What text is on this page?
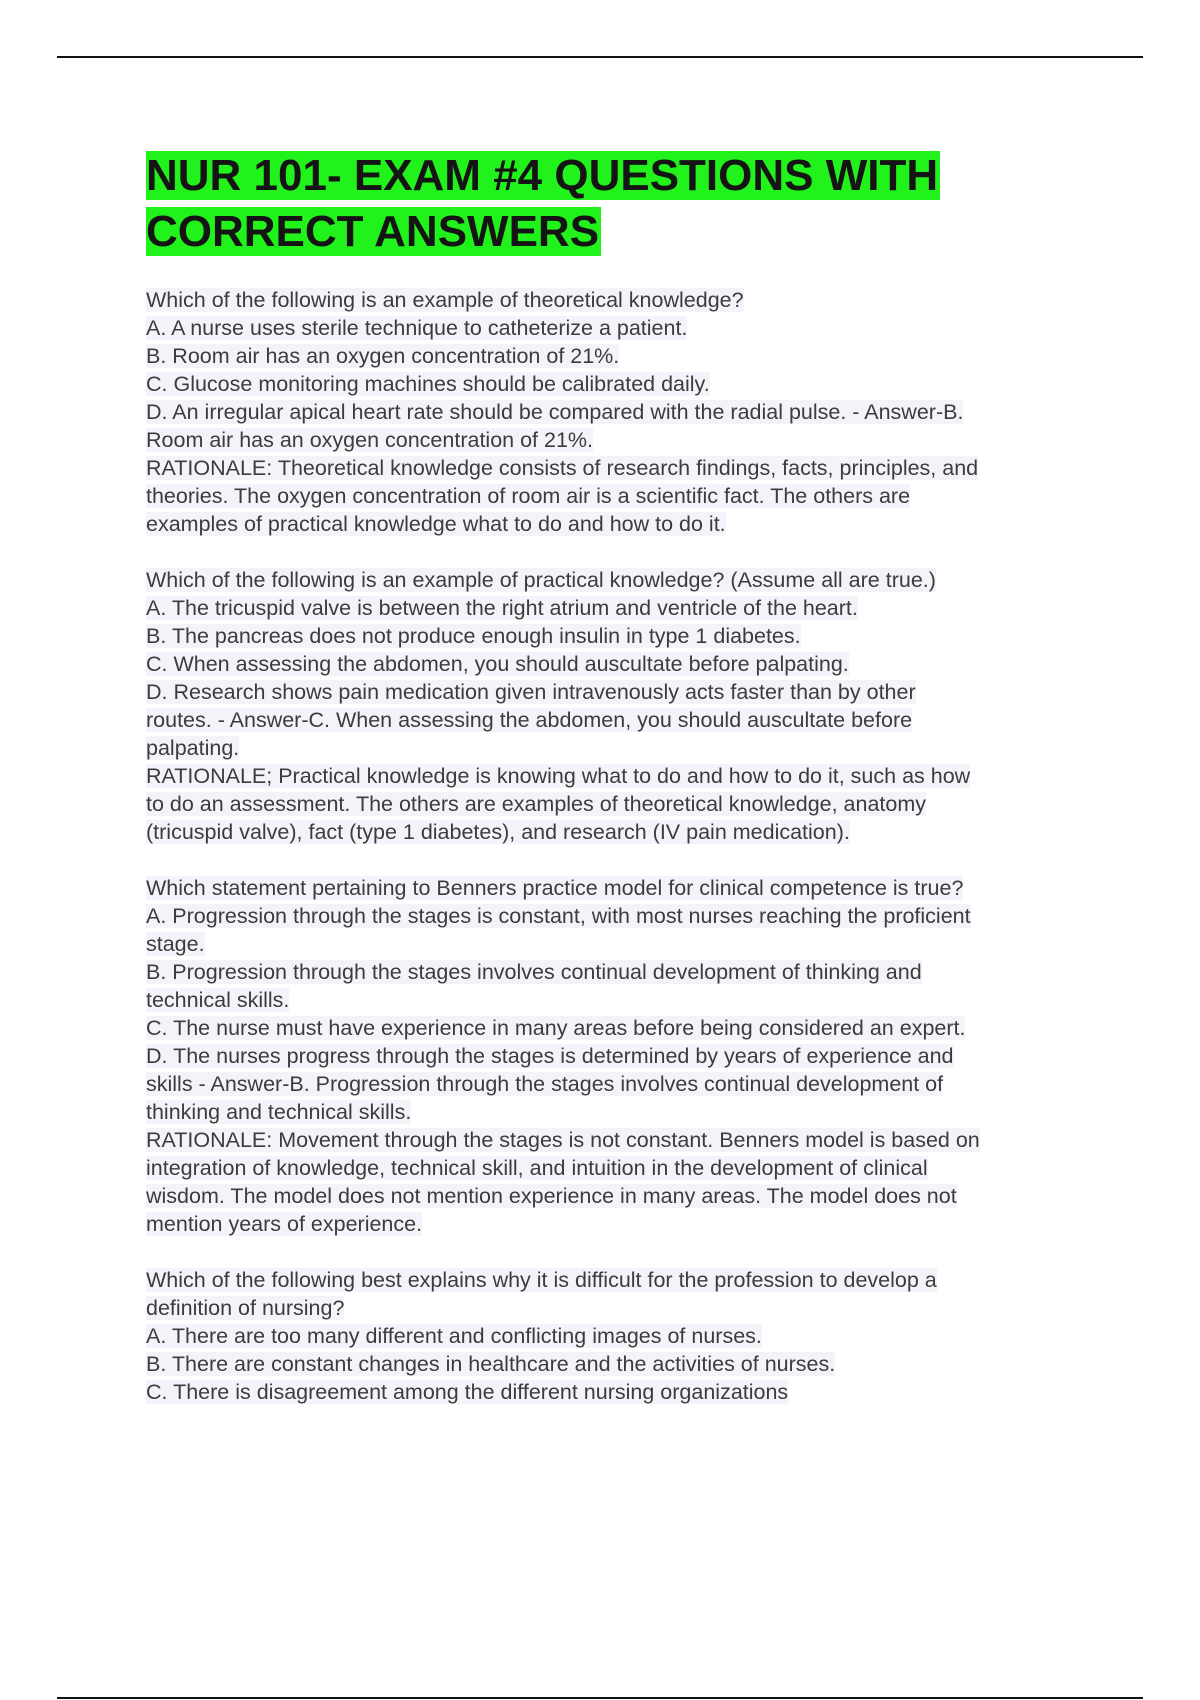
NUR 101- EXAM #4 QUESTIONS WITH
CORRECT ANSWERS
Which of the following is an example of theoretical knowledge?
A. A nurse uses sterile technique to catheterize a patient.
B. Room air has an oxygen concentration of 21%.
C. Glucose monitoring machines should be calibrated daily.
D. An irregular apical heart rate should be compared with the radial pulse. - Answer-B.
Room air has an oxygen concentration of 21%.
RATIONALE: Theoretical knowledge consists of research findings, facts, principles, and
theories. The oxygen concentration of room air is a scientific fact. The others are
examples of practical knowledge what to do and how to do it.
Which of the following is an example of practical knowledge? (Assume all are true.)
A. The tricuspid valve is between the right atrium and ventricle of the heart.
B. The pancreas does not produce enough insulin in type 1 diabetes.
C. When assessing the abdomen, you should auscultate before palpating.
D. Research shows pain medication given intravenously acts faster than by other
routes. - Answer-C. When assessing the abdomen, you should auscultate before
palpating.
RATIONALE; Practical knowledge is knowing what to do and how to do it, such as how
to do an assessment. The others are examples of theoretical knowledge, anatomy
(tricuspid valve), fact (type 1 diabetes), and research (IV pain medication).
Which statement pertaining to Benners practice model for clinical competence is true?
A. Progression through the stages is constant, with most nurses reaching the proficient
stage.
B. Progression through the stages involves continual development of thinking and
technical skills.
C. The nurse must have experience in many areas before being considered an expert.
D. The nurses progress through the stages is determined by years of experience and
skills - Answer-B. Progression through the stages involves continual development of
thinking and technical skills.
RATIONALE: Movement through the stages is not constant. Benners model is based on
integration of knowledge, technical skill, and intuition in the development of clinical
wisdom. The model does not mention experience in many areas. The model does not
mention years of experience.
Which of the following best explains why it is difficult for the profession to develop a
definition of nursing?
A. There are too many different and conflicting images of nurses.
B. There are constant changes in healthcare and the activities of nurses.
C. There is disagreement among the different nursing organizations
